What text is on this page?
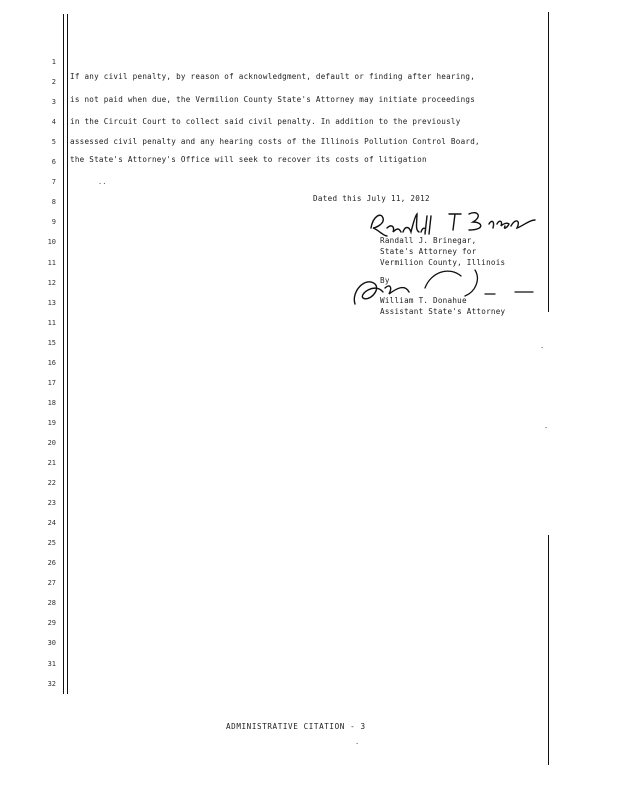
1
2
3
4
5
6
7
8
9
10
11
12
13
11
15
16
17
18
19
20
21
22
23
24
25
26
27
28
29
30
31
32
If any civil penalty, by reason of acknowledgment, default or finding after hearing,
is not paid when due, the Vermilion County State's Attorney may initiate proceedings
in the Circuit Court to collect said civil penalty. In addition to the previously
assessed civil penalty and any hearing costs of the Illinois Pollution Control Board,
the State's Attorney's Office will seek to recover its costs of litigation
..
Dated this July 11, 2012
Randall J. Brinegar,
State's Attorney for
Vermilion County, Illinois
By
William T. Donahue
Assistant State's Attorney
.
-
ADMINISTRATIVE CITATION - 3
.
